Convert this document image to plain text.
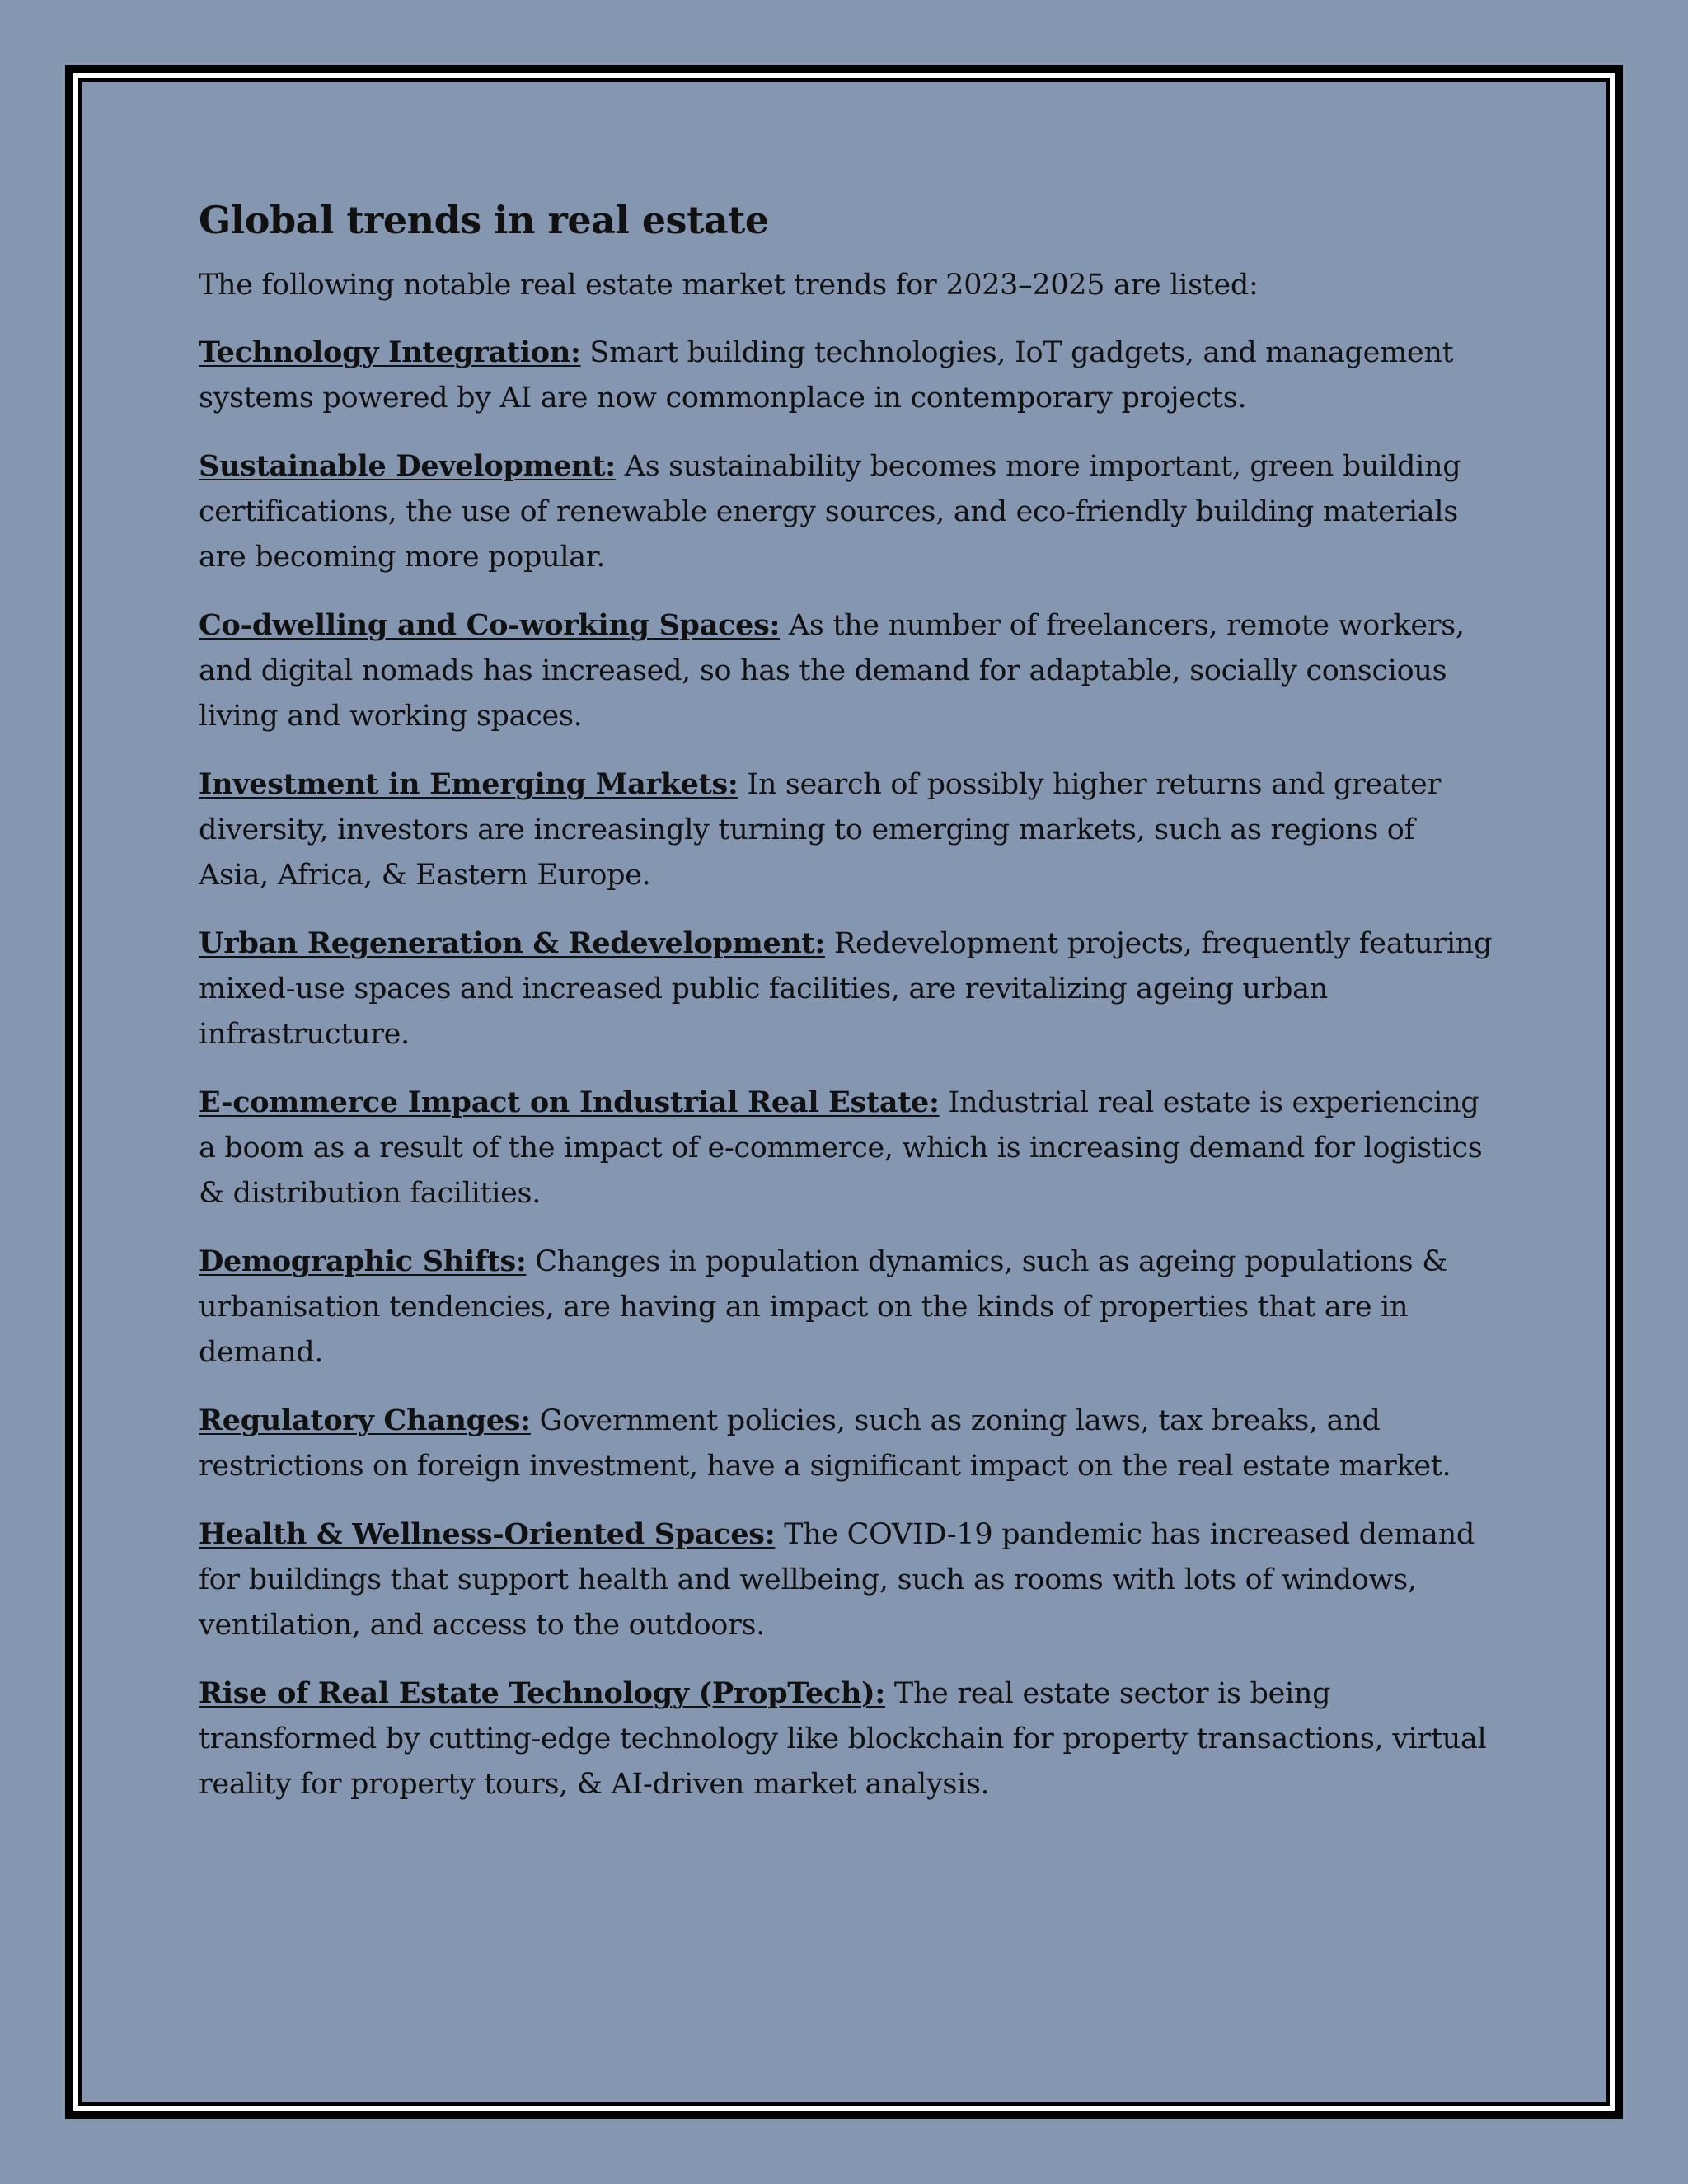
Global trends in real estate

The following notable real estate market trends for 2023–2025 are listed:

Technology Integration: Smart building technologies, IoT gadgets, and management systems powered by AI are now commonplace in contemporary projects.

Sustainable Development: As sustainability becomes more important, green building certifications, the use of renewable energy sources, and eco-friendly building materials are becoming more popular.

Co-dwelling and Co-working Spaces: As the number of freelancers, remote workers, and digital nomads has increased, so has the demand for adaptable, socially conscious living and working spaces.

Investment in Emerging Markets: In search of possibly higher returns and greater diversity, investors are increasingly turning to emerging markets, such as regions of Asia, Africa, & Eastern Europe.

Urban Regeneration & Redevelopment: Redevelopment projects, frequently featuring mixed-use spaces and increased public facilities, are revitalizing ageing urban infrastructure.

E-commerce Impact on Industrial Real Estate: Industrial real estate is experiencing a boom as a result of the impact of e-commerce, which is increasing demand for logistics & distribution facilities.

Demographic Shifts: Changes in population dynamics, such as ageing populations & urbanisation tendencies, are having an impact on the kinds of properties that are in demand.

Regulatory Changes: Government policies, such as zoning laws, tax breaks, and restrictions on foreign investment, have a significant impact on the real estate market.

Health & Wellness-Oriented Spaces: The COVID-19 pandemic has increased demand for buildings that support health and wellbeing, such as rooms with lots of windows, ventilation, and access to the outdoors.

Rise of Real Estate Technology (PropTech): The real estate sector is being transformed by cutting-edge technology like blockchain for property transactions, virtual reality for property tours, & AI-driven market analysis.
